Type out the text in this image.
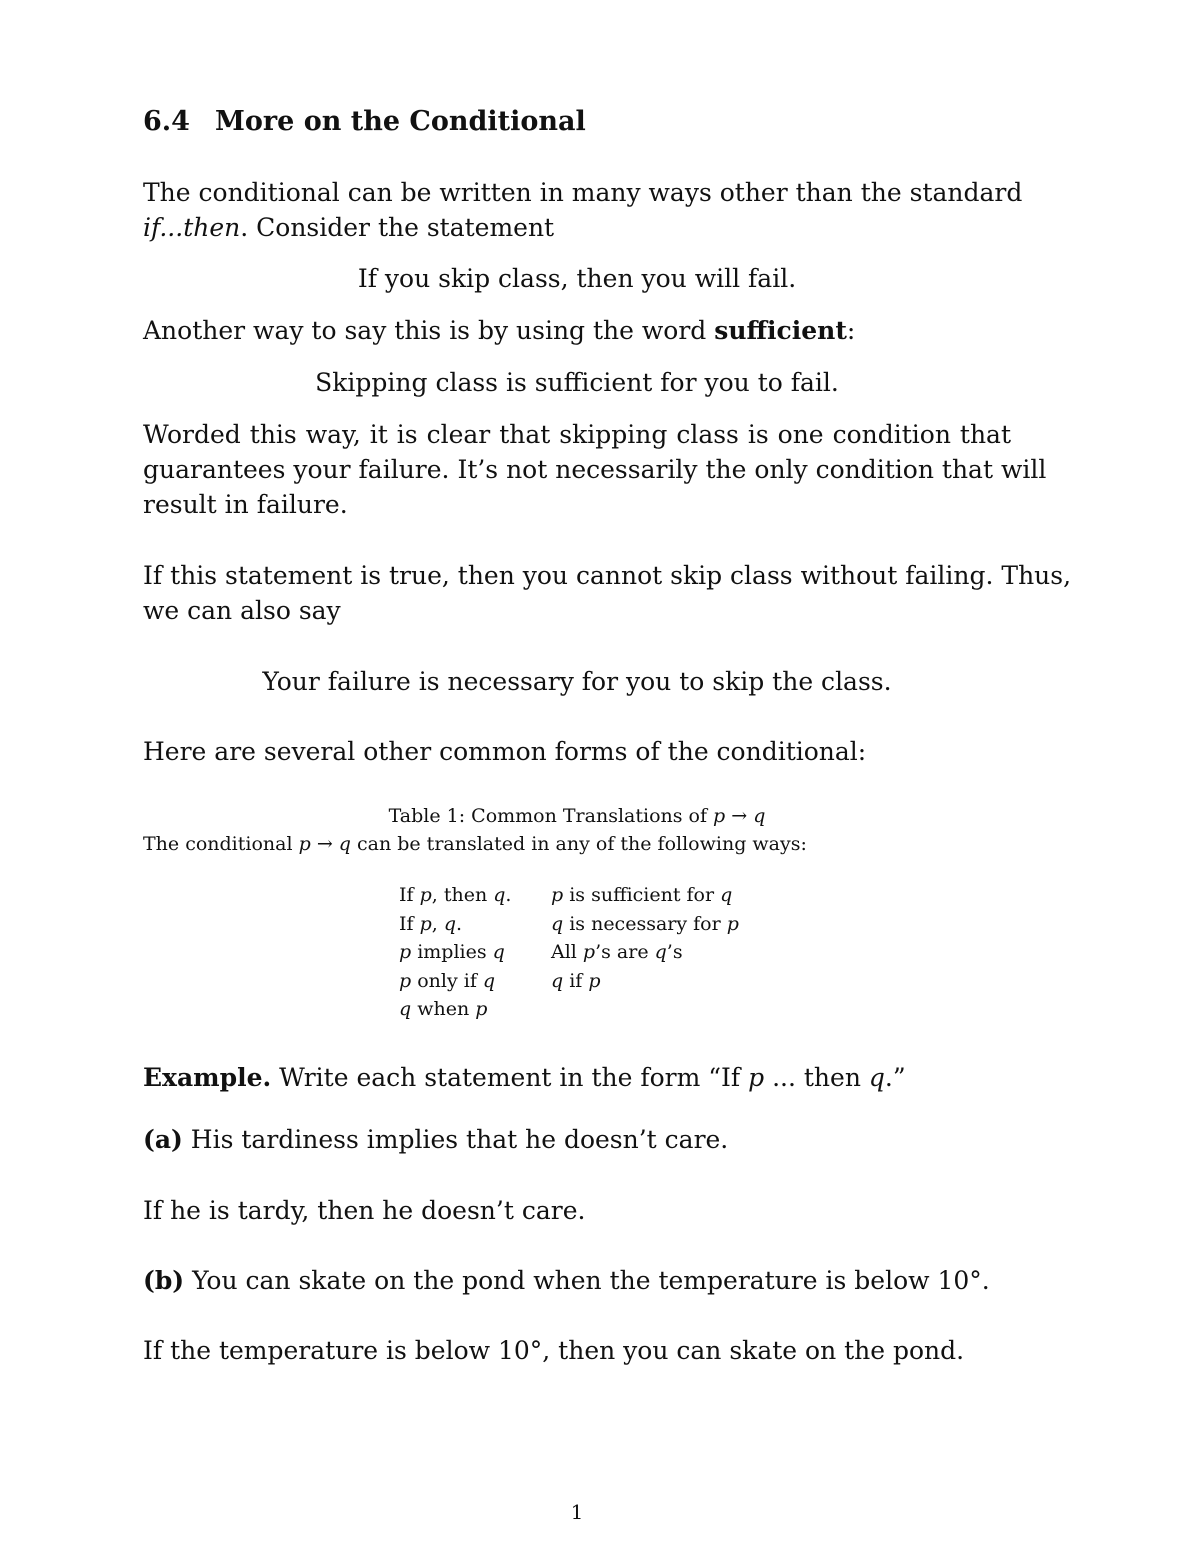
6.4 More on the Conditional
The conditional can be written in many ways other than the standard
if...then. Consider the statement
If you skip class, then you will fail.
Another way to say this is by using the word sufficient:
Skipping class is sufficient for you to fail.
Worded this way, it is clear that skipping class is one condition that
guarantees your failure. It’s not necessarily the only condition that will
result in failure.
If this statement is true, then you cannot skip class without failing. Thus,
we can also say
Your failure is necessary for you to skip the class.
Here are several other common forms of the conditional:
Table 1: Common Translations of p → q
The conditional p → q can be translated in any of the following ways:
If p, then q. p is sufficient for q
If p, q.	q is necessary for p
p implies q All p’s are q’s
p only if q	q if p
q when p
Example. Write each statement in the form “If p ... then q.”
(a) His tardiness implies that he doesn’t care.
If he is tardy, then he doesn’t care.
(b) You can skate on the pond when the temperature is below 10°.
If the temperature is below 10°, then you can skate on the pond.
1
